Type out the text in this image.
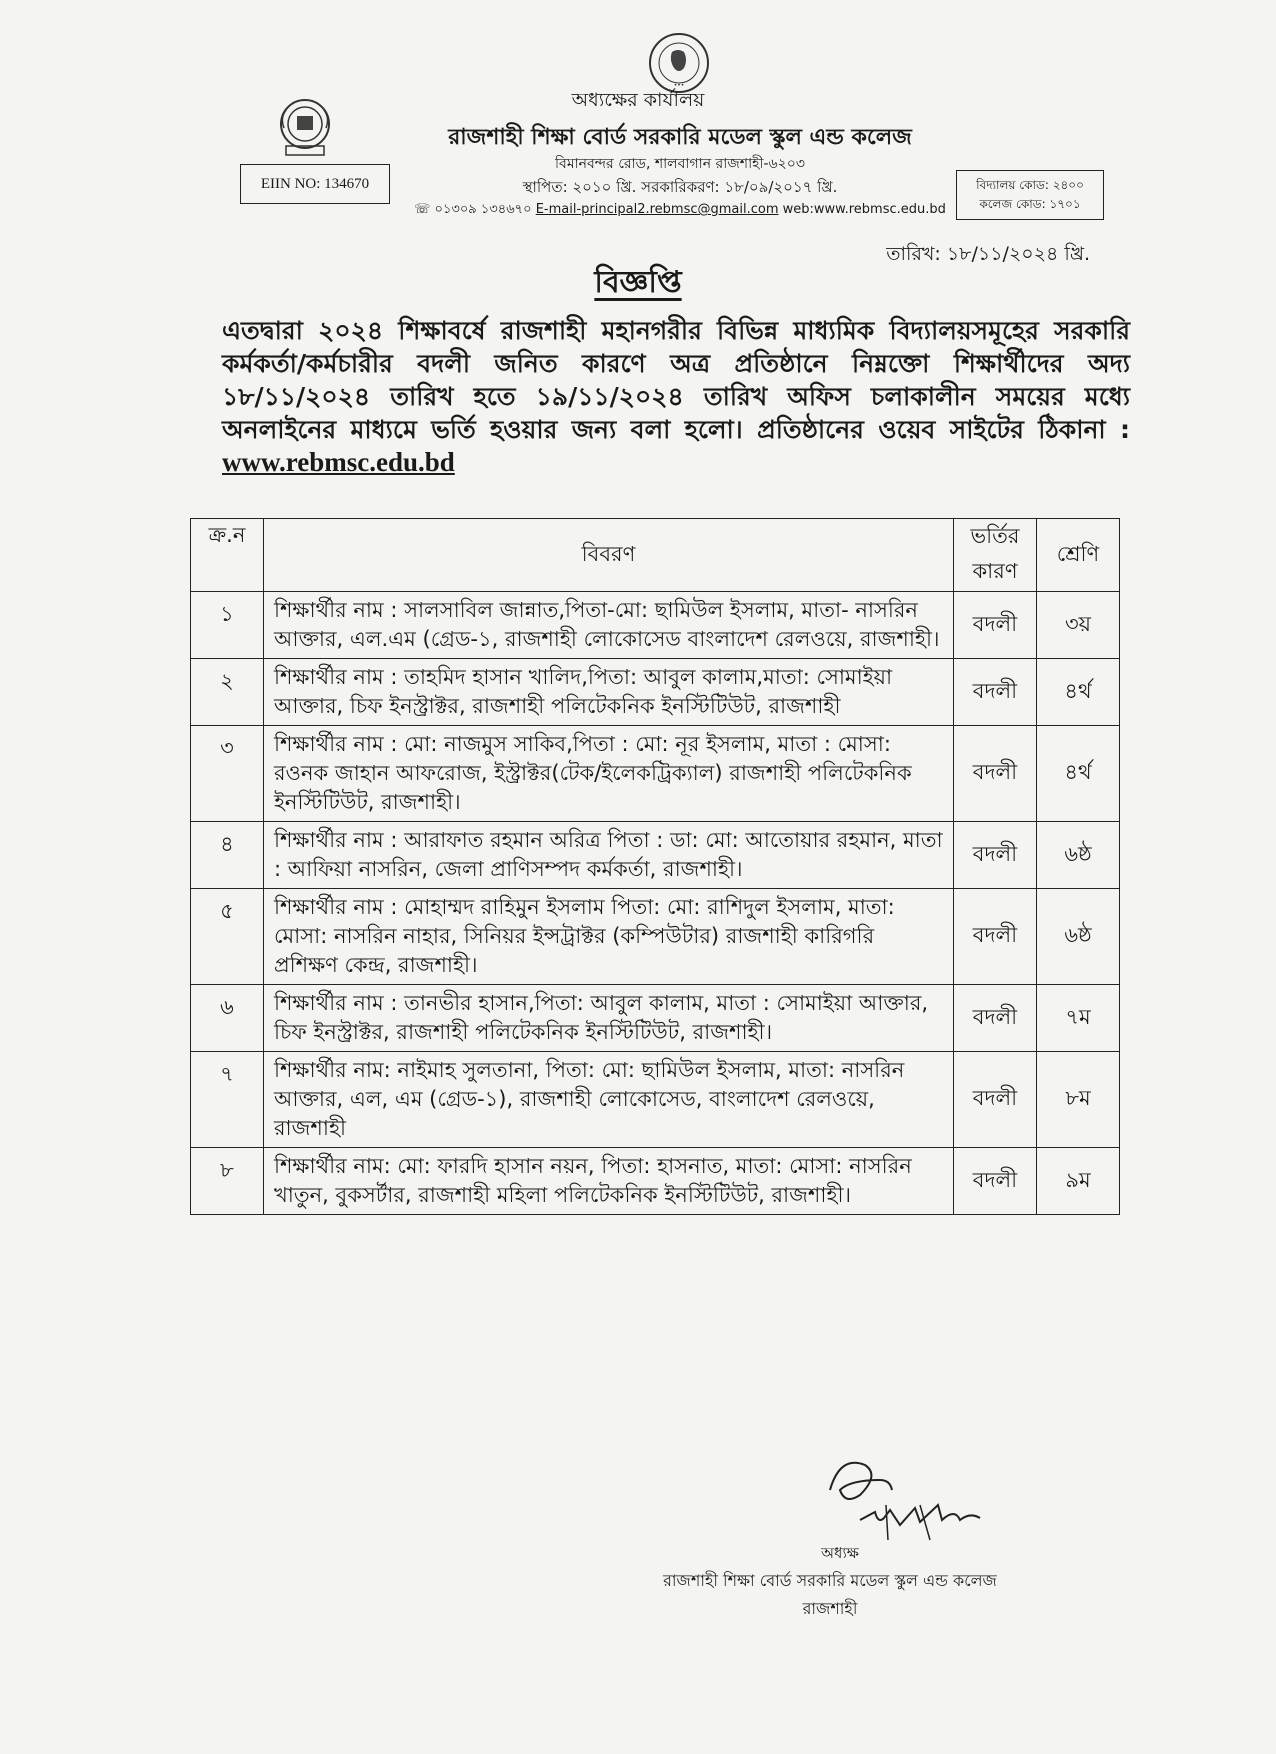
•••
অধ্যক্ষের কার্যালয়
রাজশাহী শিক্ষা বোর্ড সরকারি মডেল স্কুল এন্ড কলেজ
বিমানবন্দর রোড, শালবাগান রাজশাহী-৬২০৩
স্থাপিত: ২০১০ খ্রি. সরকারিকরণ: ১৮/০৯/২০১৭ খ্রি.
☏ ০১৩০৯ ১৩৪৬৭০ E-mail-principal2.rebmsc@gmail.com web:www.rebmsc.edu.bd
EIIN NO: 134670	বিদ্যালয় কোড: ২৪০০
কলেজ কোড: ১৭০১
তারিখ: ১৮/১১/২০২৪ খ্রি.
বিজ্ঞপ্তি
এতদ্বারা ২০২৪ শিক্ষাবর্ষে রাজশাহী মহানগরীর বিভিন্ন মাধ্যমিক বিদ্যালয়সমূহের সরকারি কর্মকর্তা/কর্মচারীর বদলী জনিত কারণে অত্র প্রতিষ্ঠানে নিম্নক্তো শিক্ষার্থীদের অদ্য ১৮/১১/২০২৪ তারিখ হতে ১৯/১১/২০২৪ তারিখ অফিস চলাকালীন সময়ের মধ্যে অনলাইনের মাধ্যমে ভর্তি হওয়ার জন্য বলা হলো। প্রতিষ্ঠানের ওয়েব সাইটের ঠিকানা : www.rebmsc.edu.bd
ক্র.ন	বিবরণ	ভর্তির কারণ	শ্রেণি
১	শিক্ষার্থীর নাম : সালসাবিল জান্নাত,পিতা-মো: ছামিউল ইসলাম, মাতা- নাসরিন আক্তার, এল.এম (গ্রেড-১, রাজশাহী লোকোসেড বাংলাদেশ রেলওয়ে, রাজশাহী।	বদলী	৩য়
২	শিক্ষার্থীর নাম : তাহমিদ হাসান খালিদ,পিতা: আবুল কালাম,মাতা: সোমাইয়া আক্তার, চিফ ইনস্ট্রাক্টর, রাজশাহী পলিটেকনিক ইনস্টিটিউট, রাজশাহী	বদলী	৪র্থ
৩	শিক্ষার্থীর নাম : মো: নাজমুস সাকিব,পিতা : মো: নূর ইসলাম, মাতা : মোসা: রওনক জাহান আফরোজ, ইস্ট্রাক্টর(টেক/ইলেকট্রিক্যাল) রাজশাহী পলিটেকনিক ইনস্টিটিউট, রাজশাহী।	বদলী	৪র্থ
৪	শিক্ষার্থীর নাম : আরাফাত রহমান অরিত্র পিতা : ডা: মো: আতোয়ার রহমান, মাতা : আফিয়া নাসরিন, জেলা প্রাণিসম্পদ কর্মকর্তা, রাজশাহী।	বদলী	৬ষ্ঠ
৫	শিক্ষার্থীর নাম : মোহাম্মদ রাহিমুন ইসলাম পিতা: মো: রাশিদুল ইসলাম, মাতা: মোসা: নাসরিন নাহার, সিনিয়র ইন্সট্রাক্টর (কম্পিউটার) রাজশাহী কারিগরি প্রশিক্ষণ কেন্দ্র, রাজশাহী।	বদলী	৬ষ্ঠ
৬	শিক্ষার্থীর নাম : তানভীর হাসান,পিতা: আবুল কালাম, মাতা : সোমাইয়া আক্তার, চিফ ইনস্ট্রাক্টর, রাজশাহী পলিটেকনিক ইনস্টিটিউট, রাজশাহী।	বদলী	৭ম
৭	শিক্ষার্থীর নাম: নাইমাহ সুলতানা, পিতা: মো: ছামিউল ইসলাম, মাতা: নাসরিন আক্তার, এল, এম (গ্রেড-১), রাজশাহী লোকোসেড, বাংলাদেশ রেলওয়ে, রাজশাহী	বদলী	৮ম
৮	শিক্ষার্থীর নাম: মো: ফারদি হাসান নয়ন, পিতা: হাসনাত, মাতা: মোসা: নাসরিন খাতুন, বুকসর্টার, রাজশাহী মহিলা পলিটেকনিক ইনস্টিটিউট, রাজশাহী।	বদলী	৯ম
অধ্যক্ষ
রাজশাহী শিক্ষা বোর্ড সরকারি মডেল স্কুল এন্ড কলেজ
রাজশাহী
